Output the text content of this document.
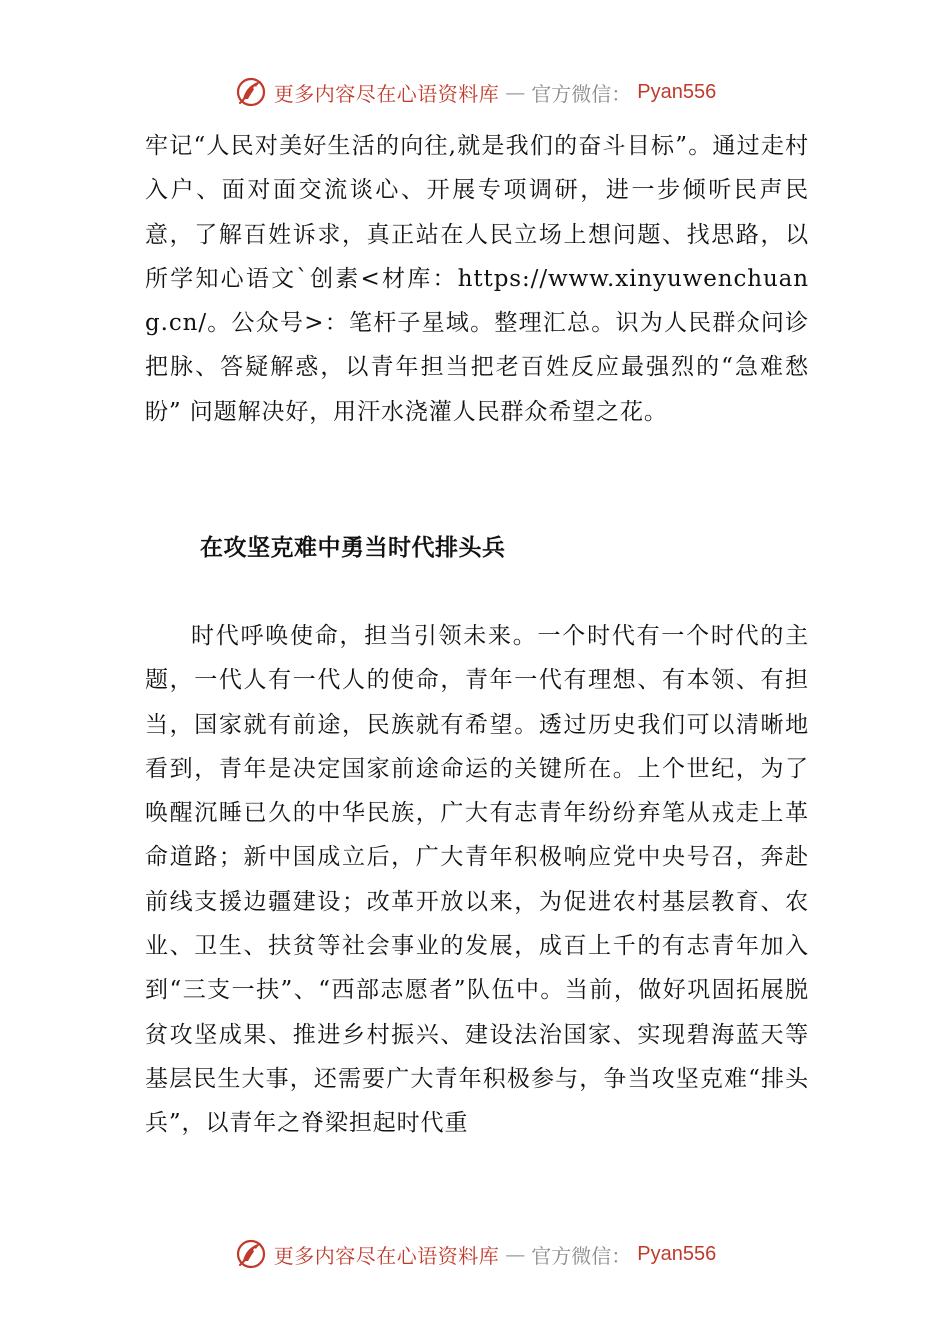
更多内容尽在心语资料库 — 官方微信： Pyan556

牢记“人民对美好生活的向往,就是我们的奋斗目标”。通过走村入户、面对面交流谈心、开展专项调研，进一步倾听民声民意，了解百姓诉求，真正站在人民立场上想问题、找思路，以所学知心语文`创素<材库：https://www.xinyuwenchuang.cn/。公众号>：笔杆子星域。整理汇总。识为人民群众问诊把脉、答疑解惑，以青年担当把老百姓反应最强烈的“急难愁盼” 问题解决好，用汗水浇灌人民群众希望之花。

在攻坚克难中勇当时代排头兵

时代呼唤使命，担当引领未来。一个时代有一个时代的主题，一代人有一代人的使命，青年一代有理想、有本领、有担当，国家就有前途，民族就有希望。透过历史我们可以清晰地看到，青年是决定国家前途命运的关键所在。上个世纪，为了唤醒沉睡已久的中华民族，广大有志青年纷纷弃笔从戎走上革命道路；新中国成立后，广大青年积极响应党中央号召，奔赴前线支援边疆建设；改革开放以来，为促进农村基层教育、农业、卫生、扶贫等社会事业的发展，成百上千的有志青年加入到“三支一扶”、“西部志愿者”队伍中。当前，做好巩固拓展脱贫攻坚成果、推进乡村振兴、建设法治国家、实现碧海蓝天等基层民生大事，还需要广大青年积极参与，争当攻坚克难“排头兵”，以青年之脊梁担起时代重

更多内容尽在心语资料库 — 官方微信： Pyan556
